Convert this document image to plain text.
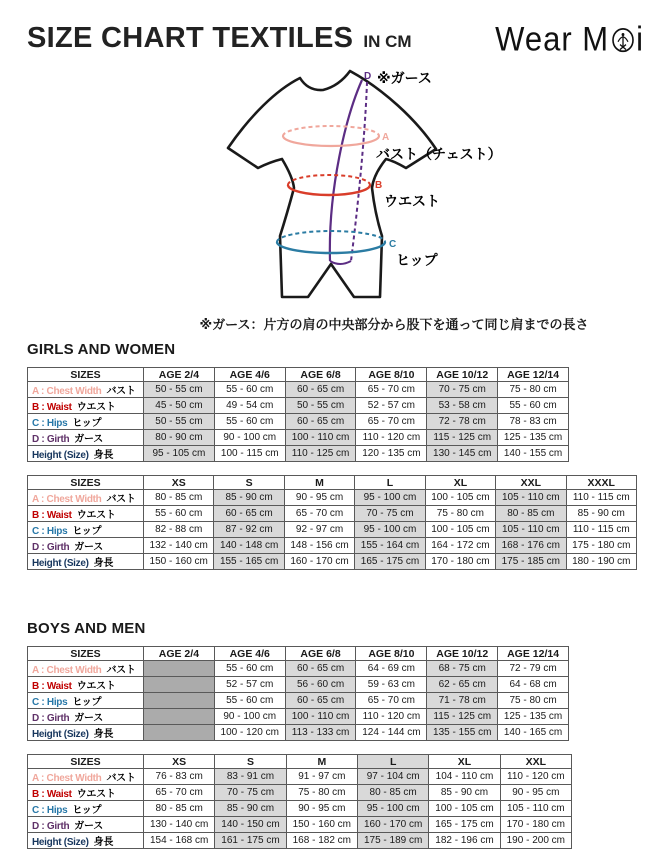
SIZE CHART TEXTILES IN CM	Wear M i
D ※ガース
A
バスト（チェスト）
B
ウエスト
C
ヒップ
※ガース：片方の肩の中央部分から股下を通って同じ肩までの長さ
GIRLS AND WOMEN
SIZES	AGE 2/4	AGE 4/6	AGE 6/8	AGE 8/10	AGE 10/12	AGE 12/14
A : Chest Width バスト	50 - 55 cm	55 - 60 cm	60 - 65 cm	65 - 70 cm	70 - 75 cm	75 - 80 cm
B : Waist ウエスト	45 - 50 cm	49 - 54 cm	50 - 55 cm	52 - 57 cm	53 - 58 cm	55 - 60 cm
C : Hips ヒップ	50 - 55 cm	55 - 60 cm	60 - 65 cm	65 - 70 cm	72 - 78 cm	78 - 83 cm
D : Girth ガース	80 - 90 cm	90 - 100 cm	100 - 110 cm	110 - 120 cm	115 - 125 cm	125 - 135 cm
Height (Size) 身長	95 - 105 cm	100 - 115 cm	110 - 125 cm	120 - 135 cm	130 - 145 cm	140 - 155 cm
SIZES	XS	S	M	L	XL	XXL	XXXL
A : Chest Width バスト	80 - 85 cm	85 - 90 cm	90 - 95 cm	95 - 100 cm	100 - 105 cm	105 - 110 cm	110 - 115 cm
B : Waist ウエスト	55 - 60 cm	60 - 65 cm	65 - 70 cm	70 - 75 cm	75 - 80 cm	80 - 85 cm	85 - 90 cm
C : Hips ヒップ	82 - 88 cm	87 - 92 cm	92 - 97 cm	95 - 100 cm	100 - 105 cm	105 - 110 cm	110 - 115 cm
D : Girth ガース	132 - 140 cm	140 - 148 cm	148 - 156 cm	155 - 164 cm	164 - 172 cm	168 - 176 cm	175 - 180 cm
Height (Size) 身長	150 - 160 cm	155 - 165 cm	160 - 170 cm	165 - 175 cm	170 - 180 cm	175 - 185 cm	180 - 190 cm
BOYS AND MEN
SIZES	AGE 2/4	AGE 4/6	AGE 6/8	AGE 8/10	AGE 10/12	AGE 12/14
A : Chest Width バスト		55 - 60 cm	60 - 65 cm	64 - 69 cm	68 - 75 cm	72 - 79 cm
B : Waist ウエスト		52 - 57 cm	56 - 60 cm	59 - 63 cm	62 - 65 cm	64 - 68 cm
C : Hips ヒップ		55 - 60 cm	60 - 65 cm	65 - 70 cm	71 - 78 cm	75 - 80 cm
D : Girth ガース		90 - 100 cm	100 - 110 cm	110 - 120 cm	115 - 125 cm	125 - 135 cm
Height (Size) 身長		100 - 120 cm	113 - 133 cm	124 - 144 cm	135 - 155 cm	140 - 165 cm
SIZES	XS	S	M	L	XL	XXL
A : Chest Width バスト	76 - 83 cm	83 - 91 cm	91 - 97 cm	97 - 104 cm	104 - 110 cm	110 - 120 cm
B : Waist ウエスト	65 - 70 cm	70 - 75 cm	75 - 80 cm	80 - 85 cm	85 - 90 cm	90 - 95 cm
C : Hips ヒップ	80 - 85 cm	85 - 90 cm	90 - 95 cm	95 - 100 cm	100 - 105 cm	105 - 110 cm
D : Girth ガース	130 - 140 cm	140 - 150 cm	150 - 160 cm	160 - 170 cm	165 - 175 cm	170 - 180 cm
Height (Size) 身長	154 - 168 cm	161 - 175 cm	168 - 182 cm	175 - 189 cm	182 - 196 cm	190 - 200 cm
